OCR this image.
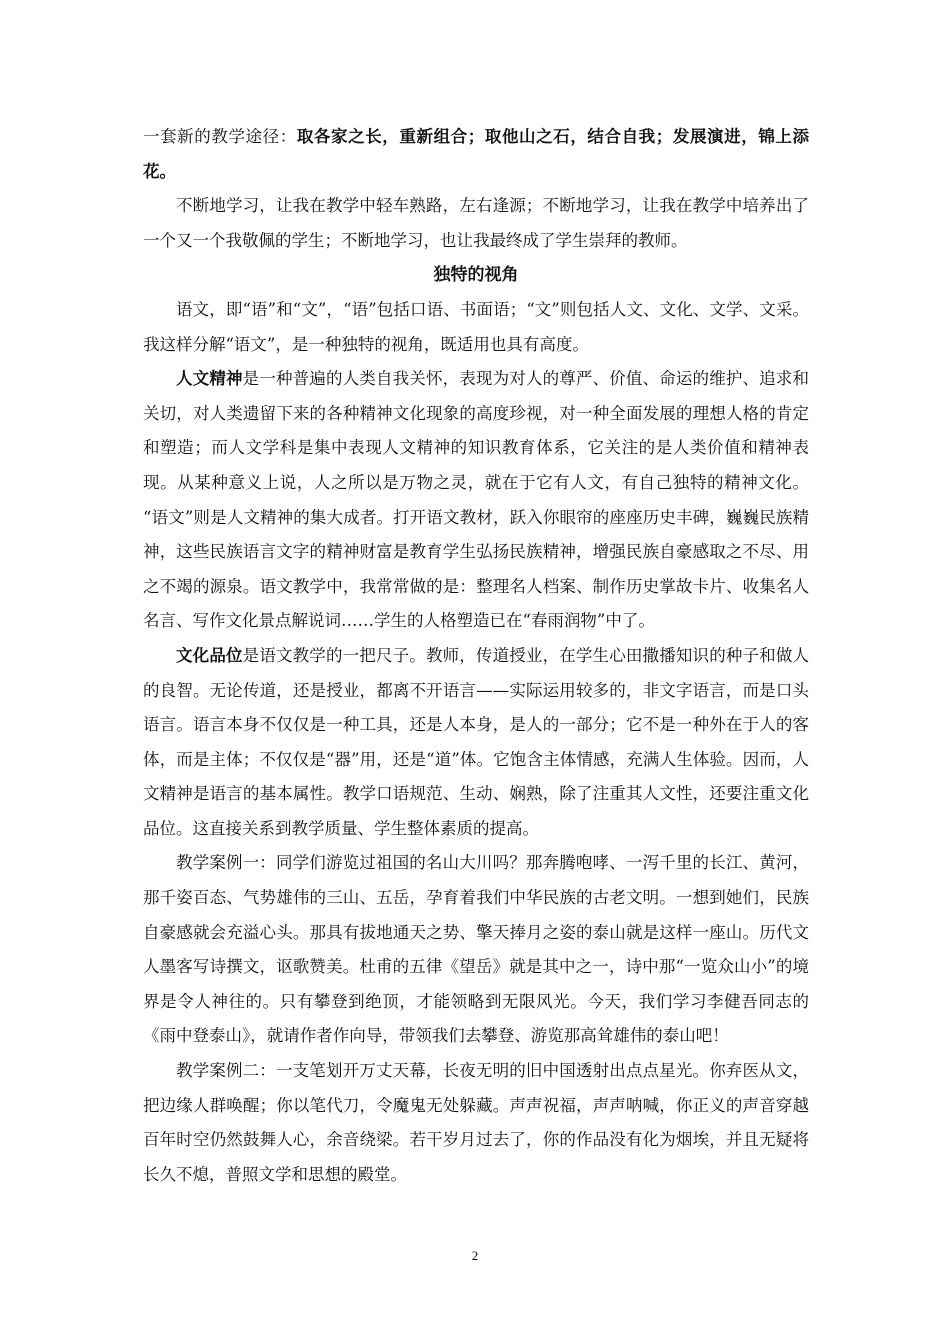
一套新的教学途径：取各家之长，重新组合；取他山之石，结合自我；发展演进，锦上添花。

不断地学习，让我在教学中轻车熟路，左右逢源；不断地学习，让我在教学中培养出了一个又一个我敬佩的学生；不断地学习，也让我最终成了学生崇拜的教师。

独特的视角

语文，即“语”和“文”，“语”包括口语、书面语；“文”则包括人文、文化、文学、文采。我这样分解“语文”，是一种独特的视角，既适用也具有高度。

人文精神是一种普遍的人类自我关怀，表现为对人的尊严、价值、命运的维护、追求和关切，对人类遗留下来的各种精神文化现象的高度珍视，对一种全面发展的理想人格的肯定和塑造；而人文学科是集中表现人文精神的知识教育体系，它关注的是人类价值和精神表现。从某种意义上说，人之所以是万物之灵，就在于它有人文，有自己独特的精神文化。 “语文”则是人文精神的集大成者。打开语文教材，跃入你眼帘的座座历史丰碑，巍巍民族精神，这些民族语言文字的精神财富是教育学生弘扬民族精神，增强民族自豪感取之不尽、用之不竭的源泉。语文教学中，我常常做的是：整理名人档案、制作历史掌故卡片、收集名人名言、写作文化景点解说词……学生的人格塑造已在“春雨润物”中了。

文化品位是语文教学的一把尺子。教师，传道授业，在学生心田撒播知识的种子和做人的良智。无论传道，还是授业，都离不开语言——实际运用较多的，非文字语言，而是口头语言。语言本身不仅仅是一种工具，还是人本身，是人的一部分；它不是一种外在于人的客体，而是主体；不仅仅是“器”用，还是“道”体。它饱含主体情感，充满人生体验。因而，人文精神是语言的基本属性。教学口语规范、生动、娴熟，除了注重其人文性，还要注重文化品位。这直接关系到教学质量、学生整体素质的提高。

教学案例一：同学们游览过祖国的名山大川吗？那奔腾咆哮、一泻千里的长江、黄河，那千姿百态、气势雄伟的三山、五岳，孕育着我们中华民族的古老文明。一想到她们，民族自豪感就会充溢心头。那具有拔地通天之势、擎天捧月之姿的泰山就是这样一座山。历代文人墨客写诗撰文，讴歌赞美。杜甫的五律《望岳》就是其中之一，诗中那“一览众山小”的境界是令人神往的。只有攀登到绝顶，才能领略到无限风光。今天，我们学习李健吾同志的《雨中登泰山》，就请作者作向导，带领我们去攀登、游览那高耸雄伟的泰山吧！

教学案例二：一支笔划开万丈天幕，长夜无明的旧中国透射出点点星光。你弃医从文，把边缘人群唤醒；你以笔代刀，令魔鬼无处躲藏。声声祝福，声声呐喊，你正义的声音穿越百年时空仍然鼓舞人心，余音绕梁。若干岁月过去了，你的作品没有化为烟埃，并且无疑将长久不熄，普照文学和思想的殿堂。

2
